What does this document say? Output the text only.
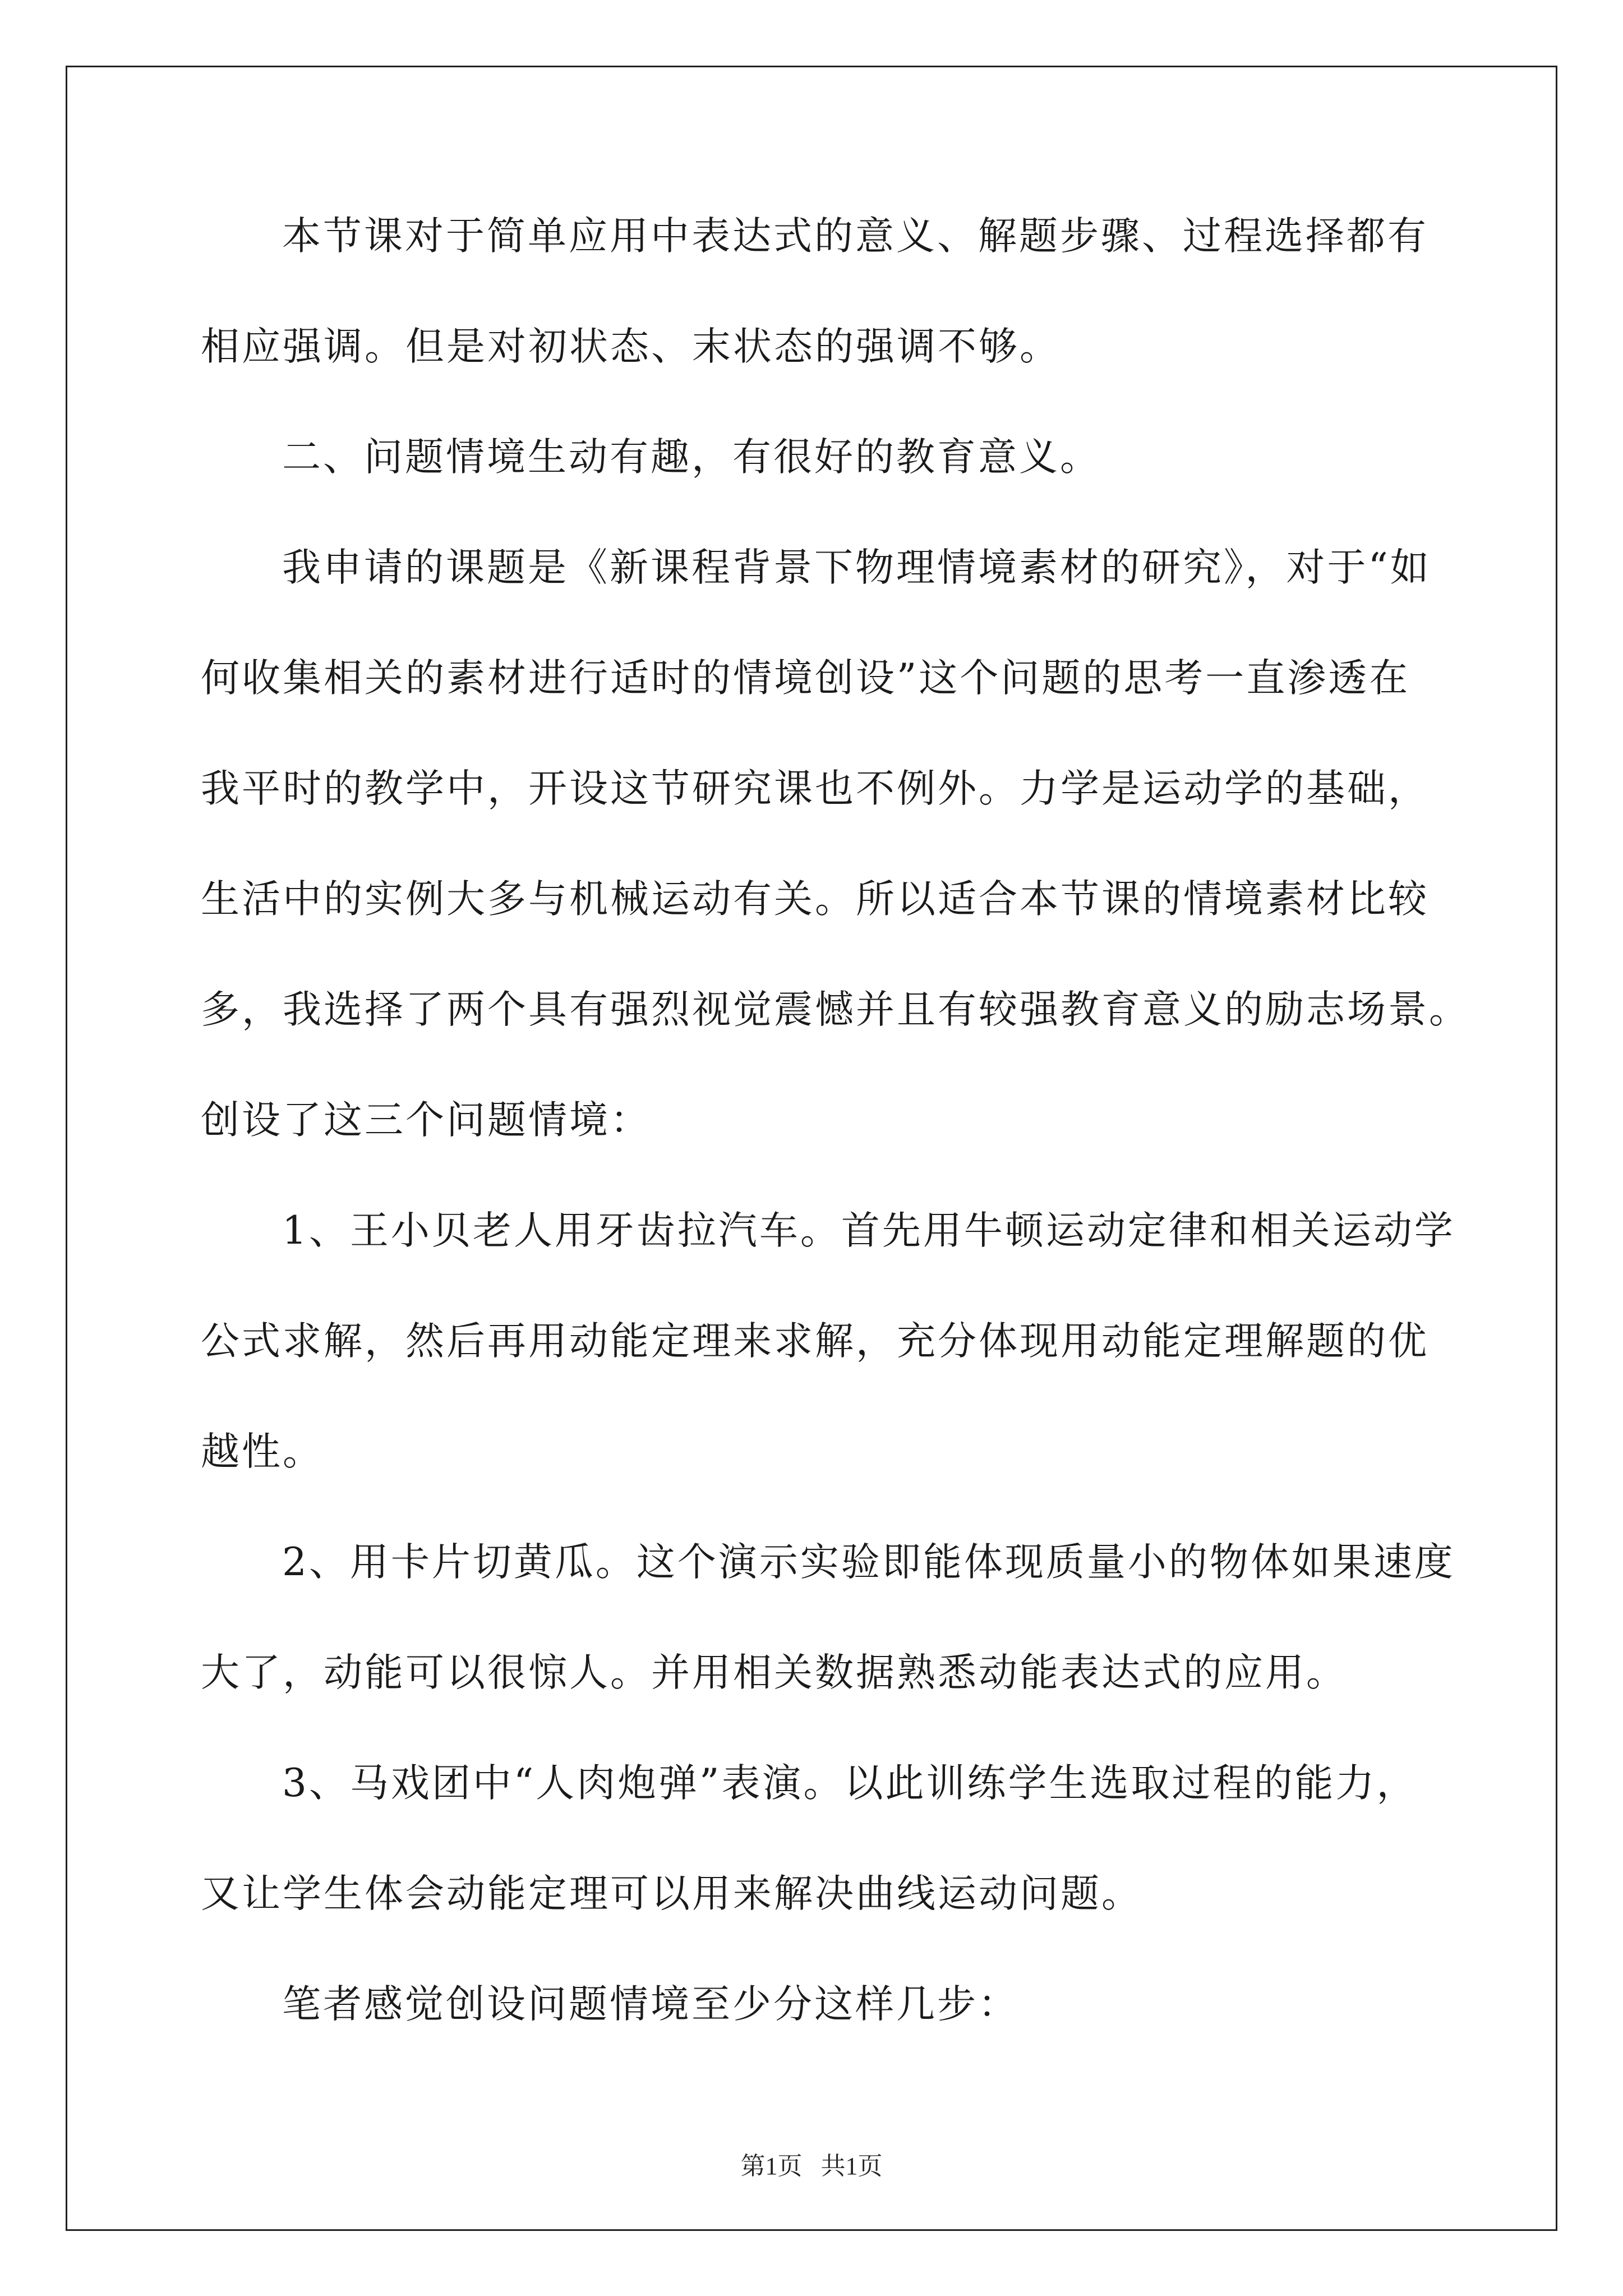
本节课对于简单应用中表达式的意义、解题步骤、过程选择都有
相应强调。但是对初状态、末状态的强调不够。
二、问题情境生动有趣，有很好的教育意义。
我申请的课题是《新课程背景下物理情境素材的研究》，对于“如
何收集相关的素材进行适时的情境创设”这个问题的思考一直渗透在
我平时的教学中，开设这节研究课也不例外。力学是运动学的基础，
生活中的实例大多与机械运动有关。所以适合本节课的情境素材比较
多，我选择了两个具有强烈视觉震憾并且有较强教育意义的励志场景。
创设了这三个问题情境：
1、王小贝老人用牙齿拉汽车。首先用牛顿运动定律和相关运动学
公式求解，然后再用动能定理来求解，充分体现用动能定理解题的优
越性。
2、用卡片切黄瓜。这个演示实验即能体现质量小的物体如果速度
大了，动能可以很惊人。并用相关数据熟悉动能表达式的应用。
3、马戏团中“人肉炮弹”表演。以此训练学生选取过程的能力，
又让学生体会动能定理可以用来解决曲线运动问题。
笔者感觉创设问题情境至少分这样几步：
第1页   共1页
